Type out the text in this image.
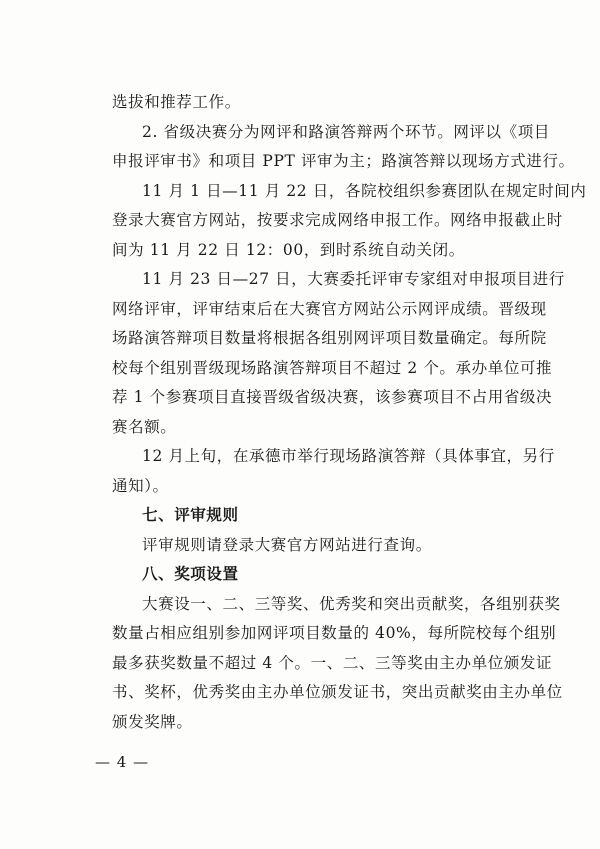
选拔和推荐工作。
2. 省级决赛分为网评和路演答辩两个环节。网评以《项目
申报评审书》和项目 PPT 评审为主；路演答辩以现场方式进行。
11 月 1 日—11 月 22 日，各院校组织参赛团队在规定时间内
登录大赛官方网站，按要求完成网络申报工作。网络申报截止时
间为 11 月 22 日 12：00，到时系统自动关闭。
11 月 23 日—27 日，大赛委托评审专家组对申报项目进行
网络评审，评审结束后在大赛官方网站公示网评成绩。晋级现
场路演答辩项目数量将根据各组别网评项目数量确定。每所院
校每个组别晋级现场路演答辩项目不超过 2 个。承办单位可推
荐 1 个参赛项目直接晋级省级决赛，该参赛项目不占用省级决
赛名额。
12 月上旬，在承德市举行现场路演答辩（具体事宜，另行
通知）。
七、评审规则
评审规则请登录大赛官方网站进行查询。
八、奖项设置
大赛设一、二、三等奖、优秀奖和突出贡献奖，各组别获奖
数量占相应组别参加网评项目数量的 40%，每所院校每个组别
最多获奖数量不超过 4 个。一、二、三等奖由主办单位颁发证
书、奖杯，优秀奖由主办单位颁发证书，突出贡献奖由主办单位
颁发奖牌。
— 4 —
